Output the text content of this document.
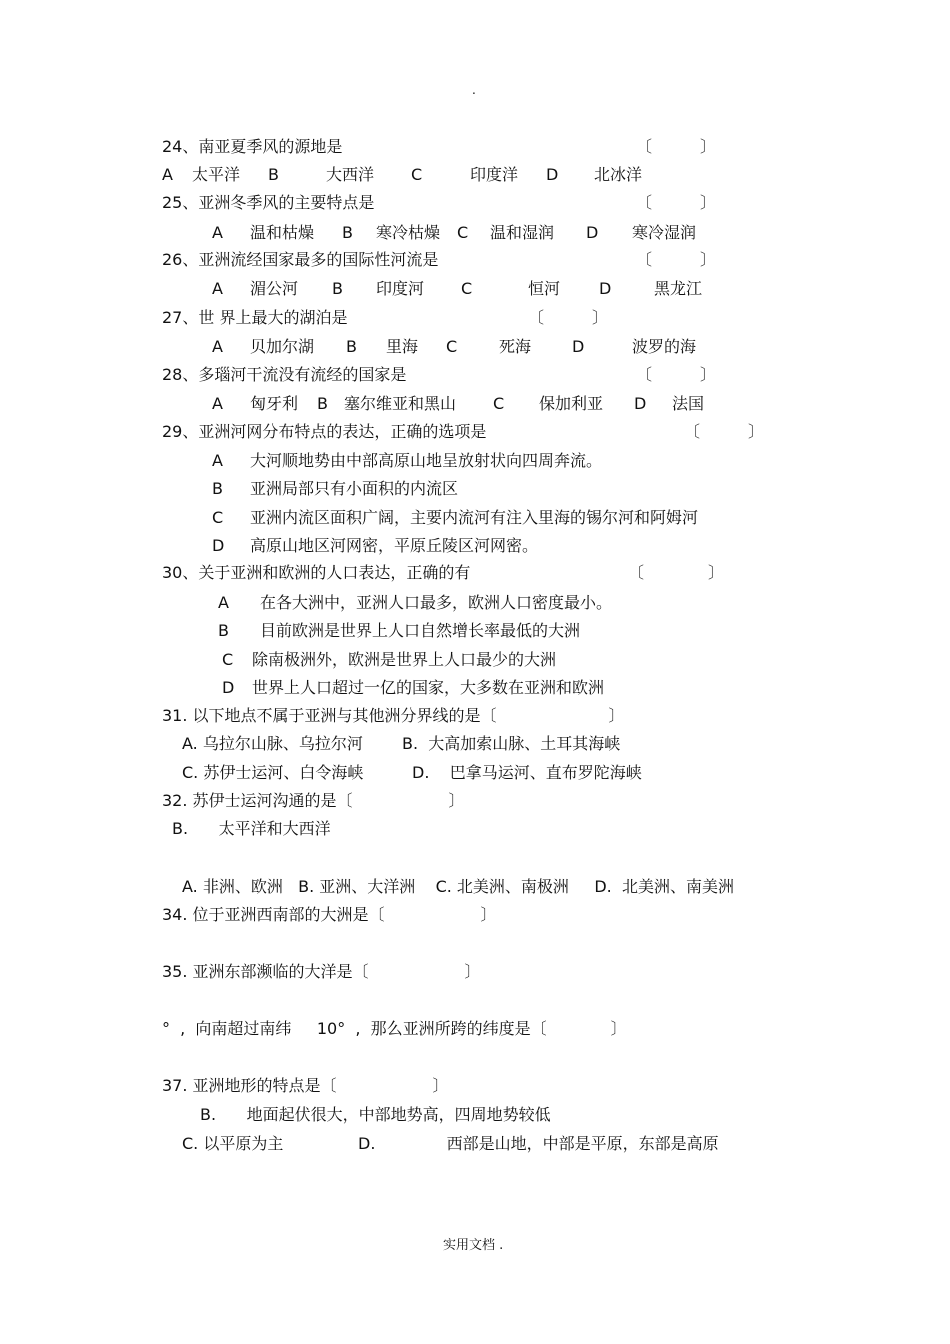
.
24、南亚夏季风的源地是	〔　　　〕
A 太平洋 B	大西洋 C	印度洋 D 北冰洋
25、亚洲冬季风的主要特点是	〔　　　〕
A 温和枯燥 B 寒冷枯燥 C 温和湿润 D 寒冷湿润
26、亚洲流经国家最多的国际性河流是	〔　　　〕
A 湄公河 B 印度河 C	恒河 D	黑龙江
27、世 界上最大的湖泊是	〔　　　〕
A 贝加尔湖 B 里海 C	死海	D	波罗的海
28、多瑙河干流没有流经的国家是	〔　　　〕
A 匈牙利 B 塞尔维亚和黑山 C 保加利亚 D 法国
29、亚洲河网分布特点的表达，正确的选项是	〔　　　〕
A 大河顺地势由中部高原山地呈放射状向四周奔流。
B 亚洲局部只有小面积的内流区
C 亚洲内流区面积广阔，主要内流河有注入里海的锡尔河和阿姆河
D 高原山地区河网密，平原丘陵区河网密。
30、关于亚洲和欧洲的人口表达，正确的有	〔　　　　〕
A 在各大洲中，亚洲人口最多，欧洲人口密度最小。
B 目前欧洲是世界上人口自然增长率最低的大洲
C 除南极洲外，欧洲是世界上人口最少的大洲
D 世界上人口超过一亿的国家，大多数在亚洲和欧洲
31. 以下地点不属于亚洲与其他洲分界线的是〔　　　　　　　〕
A. 乌拉尔山脉、乌拉尔河 B.  大高加索山脉、土耳其海峡
C. 苏伊士运河、白令海峡	D.    巴拿马运河、直布罗陀海峡
32. 苏伊士运河沟通的是〔　　　　　　〕
B.      太平洋和大西洋
A. 非洲、欧洲   B. 亚洲、大洋洲    C. 北美洲、南极洲     D.  北美洲、南美洲
34. 位于亚洲西南部的大洲是〔　　　　　　〕
35. 亚洲东部濒临的大洋是〔　　　　　　〕
°  ,  向南超过南纬     10°  ,  那么亚洲所跨的纬度是〔　　　　〕
37. 亚洲地形的特点是〔　　　　　　〕
B.      地面起伏很大，中部地势高，四周地势较低
C. 以平原为主	D.              西部是山地，中部是平原，东部是高原
实用文档 .
